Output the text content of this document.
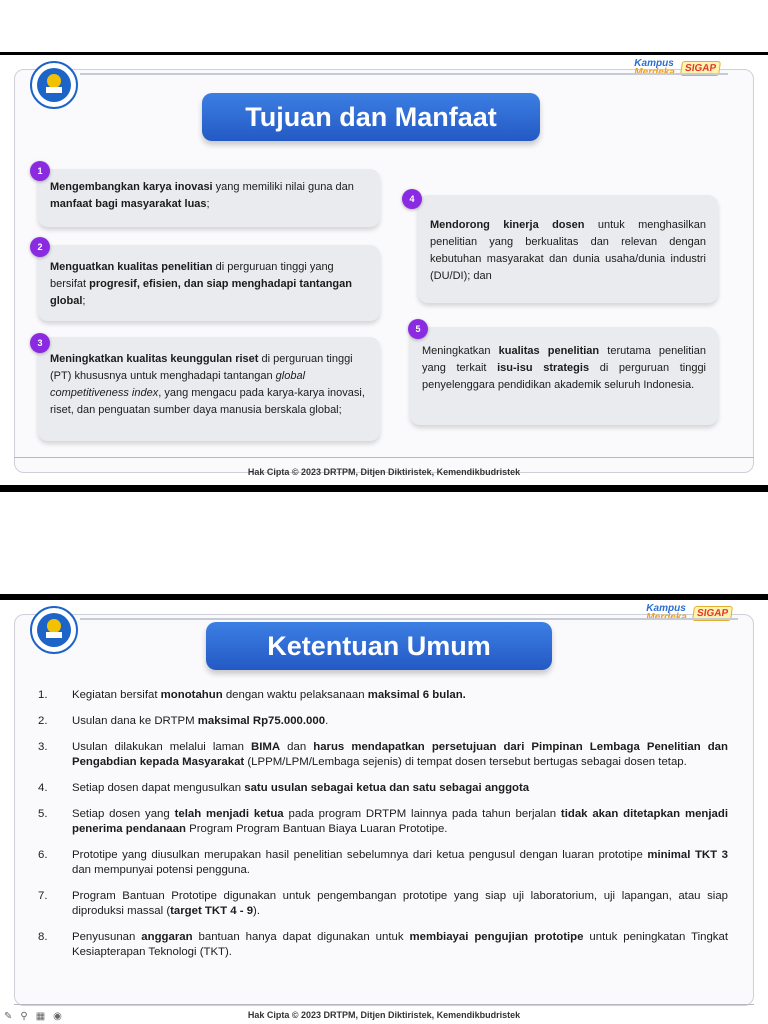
Kampus	SIGAP
Tujuan dan Manfaat
Mengembangkan karya inovasi yang memiliki nilai guna dan manfaat bagi masyarakat luas;
1
Menguatkan kualitas penelitian di perguruan tinggi yang bersifat progresif, efisien, dan siap menghadapi tantangan global;
2
Meningkatkan kualitas keunggulan riset di perguruan tinggi (PT) khususnya untuk menghadapi tantangan global competitiveness index, yang mengacu pada karya-karya inovasi, riset, dan penguatan sumber daya manusia berskala global;
3
Mendorong kinerja dosen untuk menghasilkan penelitian yang berkualitas dan relevan dengan kebutuhan masyarakat dan dunia usaha/dunia industri (DU/DI); dan
4
Meningkatkan kualitas penelitian terutama penelitian yang terkait isu-isu strategis di perguruan tinggi penyelenggara pendidikan akademik seluruh Indonesia.
5
Hak Cipta © 2023 DRTPM, Ditjen Diktiristek, Kemendikbudristek
Kampus	SIGAP
Ketentuan Umum
1.	Kegiatan bersifat monotahun dengan waktu pelaksanaan maksimal 6 bulan.
2.	Usulan dana ke DRTPM maksimal Rp75.000.000.
3.	Usulan dilakukan melalui laman BIMA dan harus mendapatkan persetujuan dari Pimpinan Lembaga Penelitian dan Pengabdian kepada Masyarakat (LPPM/LPM/Lembaga sejenis) di tempat dosen tersebut bertugas sebagai dosen tetap.
4.	Setiap dosen dapat mengusulkan satu usulan sebagai ketua dan satu sebagai anggota
5.	Setiap dosen yang telah menjadi ketua pada program DRTPM lainnya pada tahun berjalan tidak akan ditetapkan menjadi penerima pendanaan Program Program Bantuan Biaya Luaran Prototipe.
6.	Prototipe yang diusulkan merupakan hasil penelitian sebelumnya dari ketua pengusul dengan luaran prototipe minimal TKT 3 dan mempunyai potensi pengguna.
7.	Program Bantuan Prototipe digunakan untuk pengembangan prototipe yang siap uji laboratorium, uji lapangan, atau siap diproduksi massal (target TKT 4 - 9).
8.	Penyusunan anggaran bantuan hanya dapat digunakan untuk membiayai pengujian prototipe untuk peningkatan Tingkat Kesiapterapan Teknologi (TKT).
Hak Cipta © 2023 DRTPM, Ditjen Diktiristek, Kemendikbudristek
✎ ⚲ ▦ ◉
